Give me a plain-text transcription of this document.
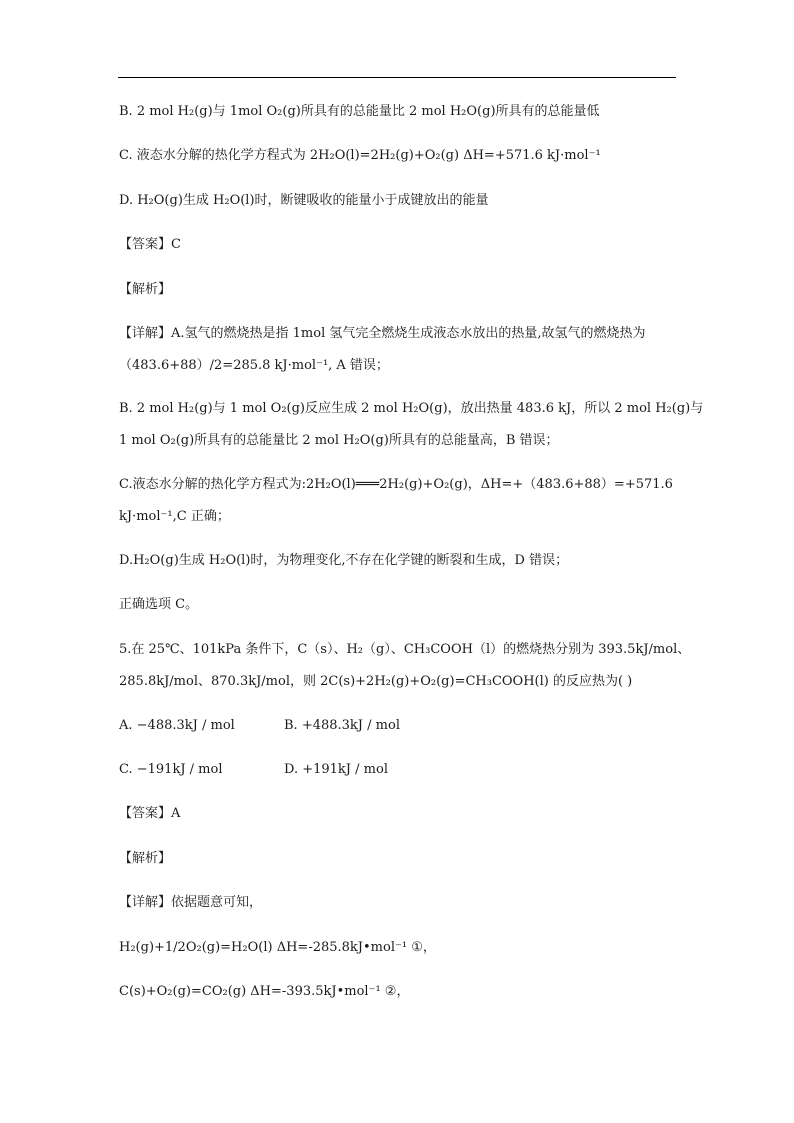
B. 2 mol H₂(g)与 1mol O₂(g)所具有的总能量比 2 mol H₂O(g)所具有的总能量低
C. 液态水分解的热化学方程式为 2H₂O(l)=2H₂(g)+O₂(g) ΔH=+571.6 kJ·mol⁻¹
D. H₂O(g)生成 H₂O(l)时，断键吸收的能量小于成键放出的能量
【答案】C
【解析】
【详解】A.氢气的燃烧热是指 1mol 氢气完全燃烧生成液态水放出的热量,故氢气的燃烧热为
（483.6+88）/2=285.8 kJ·mol⁻¹, A 错误；
B. 2 mol H₂(g)与 1 mol O₂(g)反应生成 2 mol H₂O(g)，放出热量 483.6 kJ，所以 2 mol H₂(g)与
1 mol O₂(g)所具有的总能量比 2 mol H₂O(g)所具有的总能量高，B 错误；
C.液态水分解的热化学方程式为:2H₂O(l)═══2H₂(g)+O₂(g)，ΔH=+（483.6+88）=+571.6
kJ·mol⁻¹,C 正确；
D.H₂O(g)生成 H₂O(l)时，为物理变化,不存在化学键的断裂和生成，D 错误；
正确选项 C。
5.在 25℃、101kPa 条件下，C（s）、H₂（g）、CH₃COOH（l）的燃烧热分别为 393.5kJ/mol、
285.8kJ/mol、870.3kJ/mol，则 2C(s)+2H₂(g)+O₂(g)=CH₃COOH(l) 的反应热为( )
A. −488.3kJ / mol	B. +488.3kJ / mol
C. −191kJ / mol	D. +191kJ / mol
【答案】A
【解析】
【详解】依据题意可知，
H₂(g)+1/2O₂(g)=H₂O(l) ΔH=-285.8kJ•mol⁻¹ ①，
C(s)+O₂(g)=CO₂(g) ΔH=-393.5kJ•mol⁻¹ ②，
